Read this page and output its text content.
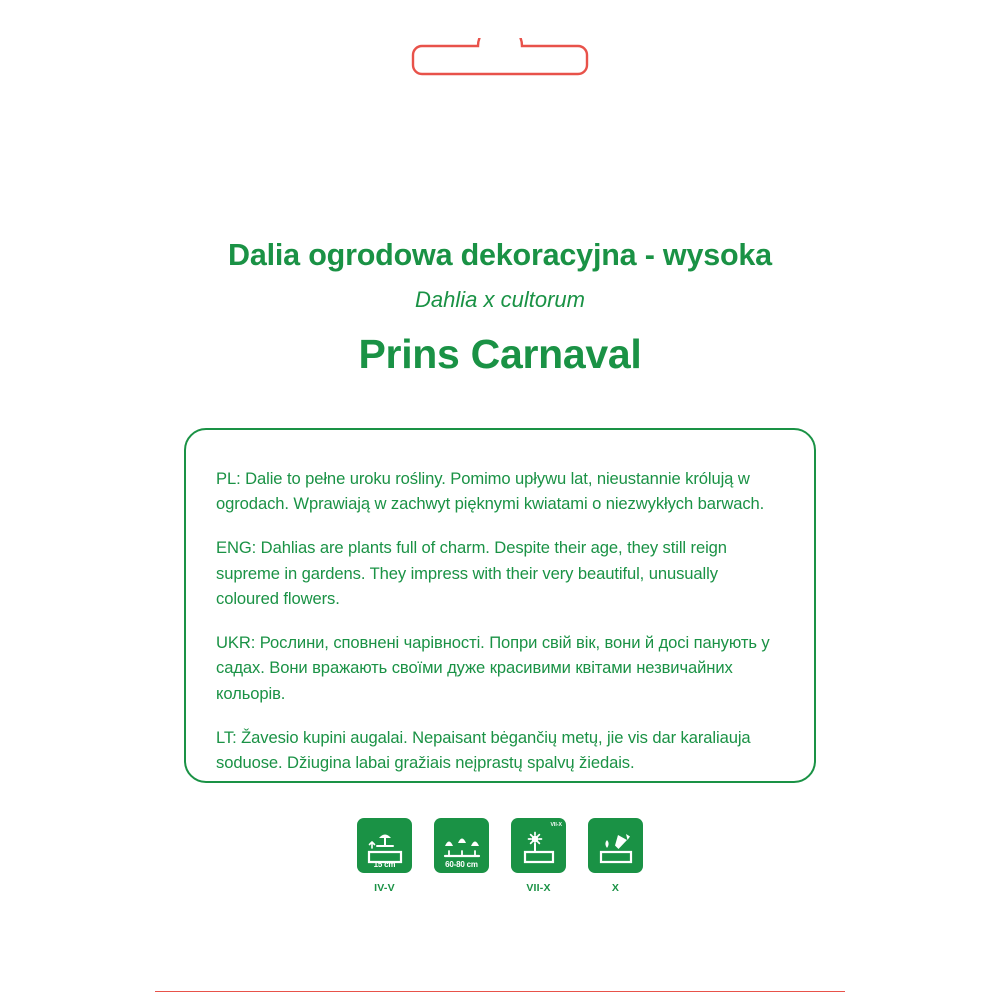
Dalia ogrodowa dekoracyjna - wysoka
Dahlia x cultorum
Prins Carnaval

PL: Dalie to pełne uroku rośliny. Pomimo upływu lat, nieustannie królują w ogrodach. Wprawiają w zachwyt pięknymi kwiatami o niezwykłych barwach.

ENG: Dahlias are plants full of charm. Despite their age, they still reign supreme in gardens. They impress with their very beautiful, unusually coloured flowers.

UKR: Рослини, сповнені чарівності. Попри свій вік, вони й досі панують у садах. Вони вражають своїми дуже красивими квітами незвичайних кольорів.

LT: Žavesio kupini augalai. Nepaisant bėgančių metų, jie vis dar karaliauja soduose. Džiugina labai gražiais neįprastų spalvų žiedais.

15 cm
IV-V
60-80 cm
VII-X
VII-X	X
